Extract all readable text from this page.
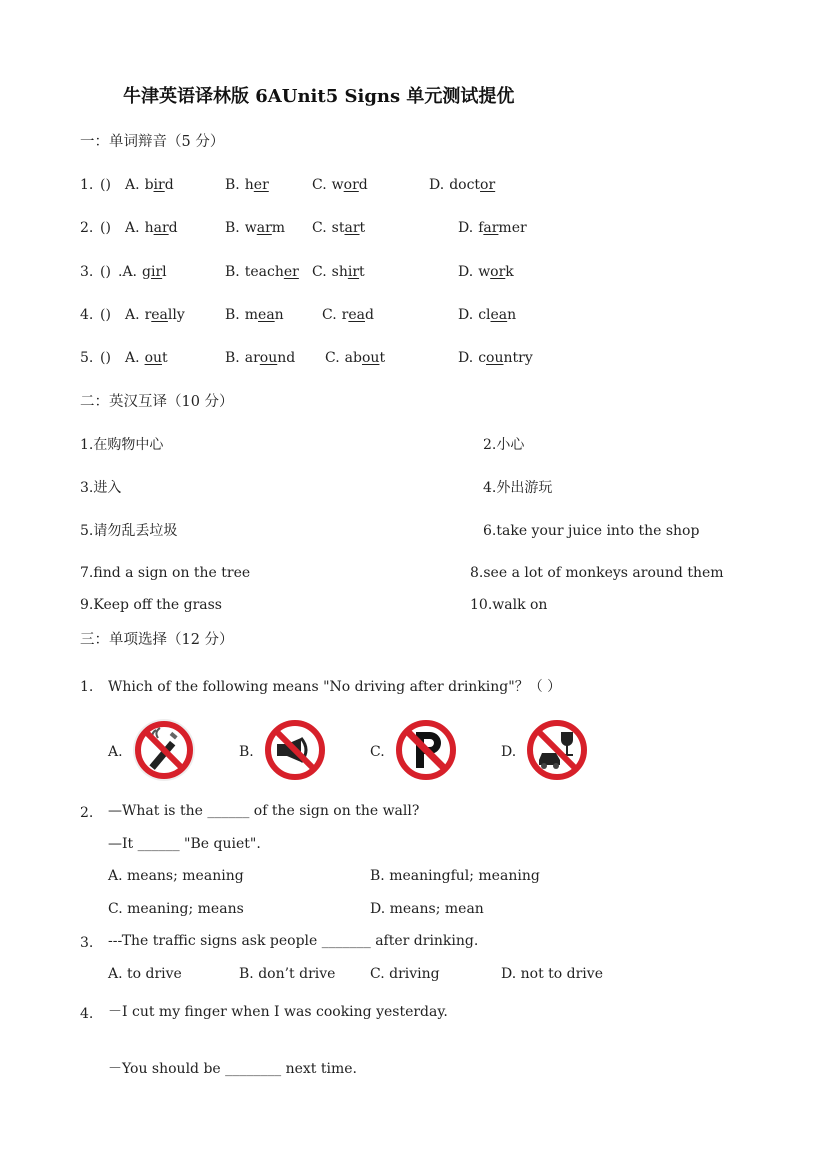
牛津英语译林版 6AUnit5 Signs 单元测试提优
一：单词辩音（5 分）
1. () A. bird	B. her	C. word	D. doctor
2. () A. hard	B. warm C. start	D. farmer
3. () .A. girl	B. teacher C. shirt	D. work
4. () A. really	B. mean	C. read	D. clean
5. () A. out	B. around C. about	D. country
二：英汉互译（10 分）
1.在购物中心	2.小心
3.进入	4.外出游玩
5.请勿乱丢垃圾	6.take your juice into the shop
7.find a sign on the tree	8.see a lot of monkeys around them
9.Keep off the grass	10.walk on
三：单项选择（12 分）
1. Which of the following means "No driving after drinking"？（ ）
A.	B.	C.	D.
2. —What is the ______ of the sign on the wall?
—It ______ "Be quiet".
A. means; meaning	B. meaningful; meaning
C. meaning; means	D. means; mean
3. ---The traffic signs ask people _______ after drinking.
A. to drive	B. don’t drive C. driving	D. not to drive
4. －I cut my finger when I was cooking yesterday.
－You should be ________ next time.
